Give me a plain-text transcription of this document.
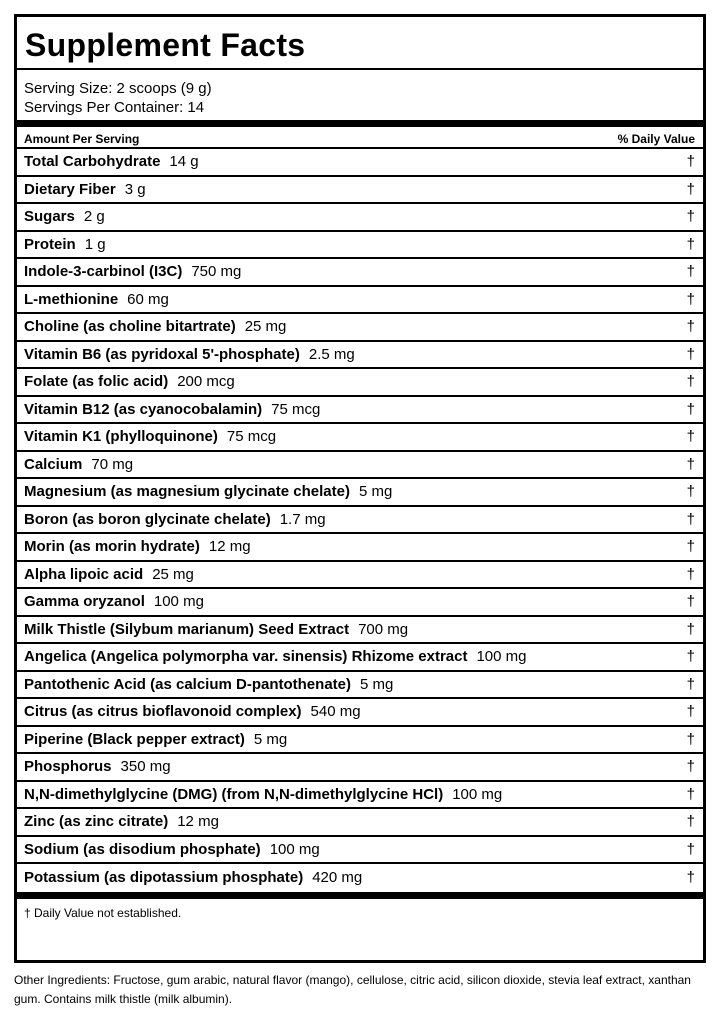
Supplement Facts
Serving Size: 2 scoops (9 g)
Servings Per Container: 14
Amount Per Serving	% Daily Value
Total Carbohydrate 14 g	†
Dietary Fiber 3 g	†
Sugars 2 g	†
Protein 1 g	†
Indole-3-carbinol (I3C) 750 mg	†
L-methionine 60 mg	†
Choline (as choline bitartrate) 25 mg	†
Vitamin B6 (as pyridoxal 5'-phosphate) 2.5 mg	†
Folate (as folic acid) 200 mcg	†
Vitamin B12 (as cyanocobalamin) 75 mcg	†
Vitamin K1 (phylloquinone) 75 mcg	†
Calcium 70 mg	†
Magnesium (as magnesium glycinate chelate) 5 mg	†
Boron (as boron glycinate chelate) 1.7 mg	†
Morin (as morin hydrate) 12 mg	†
Alpha lipoic acid 25 mg	†
Gamma oryzanol 100 mg	†
Milk Thistle (Silybum marianum) Seed Extract 700 mg	†
Angelica (Angelica polymorpha var. sinensis) Rhizome extract 100 mg	†
Pantothenic Acid (as calcium D-pantothenate) 5 mg	†
Citrus (as citrus bioflavonoid complex) 540 mg	†
Piperine (Black pepper extract) 5 mg	†
Phosphorus 350 mg	†
N,N-dimethylglycine (DMG) (from N,N-dimethylglycine HCl) 100 mg	†
Zinc (as zinc citrate) 12 mg	†
Sodium (as disodium phosphate) 100 mg	†
Potassium (as dipotassium phosphate) 420 mg	†
† Daily Value not established.
Other Ingredients: Fructose, gum arabic, natural flavor (mango), cellulose, citric acid, silicon dioxide, stevia leaf extract, xanthan gum. Contains milk thistle (milk albumin).
